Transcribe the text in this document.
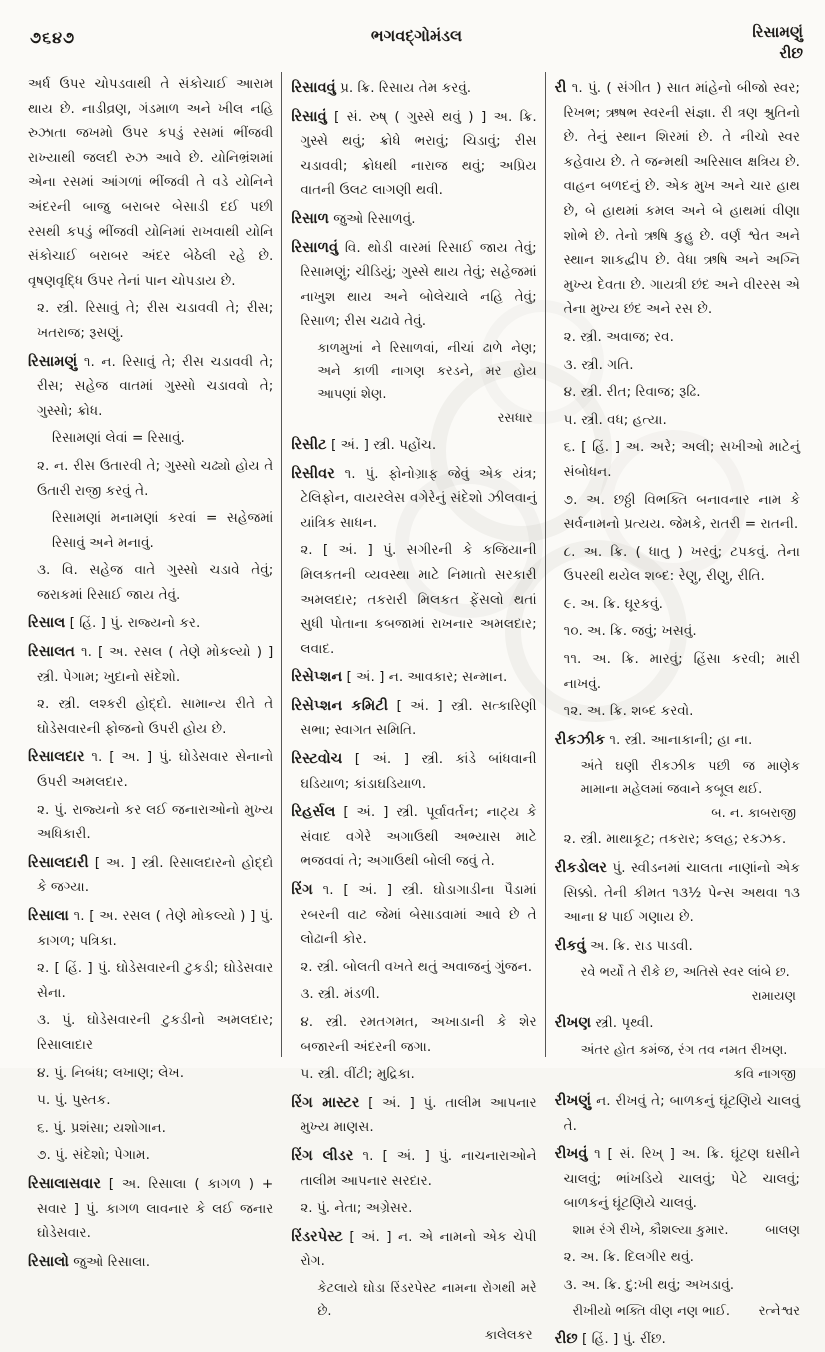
૭૬૪૭	ભગવદ્ગોમંડલ	રિસામણું
રીછ

અર્ધ ઉપર ચોપડવાથી તે સંકોચાઈ આરામ થાય છે. નાડીવ્રણ, ગંડમાળ અને ખીલ નહિ રુઝાતા જખમો ઉપર કપડું રસમાં ભીંજવી રાખ્યાથી જલદી રુઝ આવે છે. યોનિભ્રંશમાં એના રસમાં આંગળાં ભીંજવી તે વડે યોનિને અંદરની બાજુ બરાબર બેસાડી દઈ પછી રસથી કપડું ભીંજવી યોનિમાં રાખવાથી યોનિ સંકોચાઈ બરાબર અંદર બેઠેલી રહે છે. વૃષણવૃદ્ધિ ઉપર તેનાં પાન ચોપડાય છે.

૨. સ્ત્રી. રિસાવું તે; રીસ ચડાવવી તે; રીસ; ખતરાજ; રૂસણું.

રિસામણું ૧. ન. રિસાવું તે; રીસ ચડાવવી તે; રીસ; સહેજ વાતમાં ગુસ્સો ચડાવવો તે; ગુસ્સો; ક્રોધ.

રિસામણાં લેવાં = રિસાવું.

૨. ન. રીસ ઉતારવી તે; ગુસ્સો ચઢ્યો હોય તે ઉતારી રાજી કરવું તે.

રિસામણાં મનામણાં કરવાં = સહેજમાં રિસાવું અને મનાવું.

૩. વિ. સહેજ વાતે ગુસ્સો ચડાવે તેવું; જરાકમાં રિસાઈ જાય તેવું.

રિસાલ [ હિં. ] પું. રાજ્યનો કર.

રિસાલત ૧. [ અ. રસલ ( તેણે મોકલ્યો ) ] સ્ત્રી. પેગામ; ખુદાનો સંદેશો.

૨. સ્ત્રી. લશ્કરી હોદ્દો. સામાન્ય રીતે તે ઘોડેસવારની ફોજનો ઉપરી હોય છે.

રિસાલદાર ૧. [ અ. ] પું. ઘોડેસવાર સેનાનો ઉપરી અમલદાર.

૨. પું. રાજ્યનો કર લઈ જનારાઓનો મુખ્ય અધિકારી.

રિસાલદારી [ અ. ] સ્ત્રી. રિસાલદારનો હોદ્દો કે જગ્યા.

રિસાલા ૧. [ અ. રસલ ( તેણે મોકલ્યો ) ] પું. કાગળ; પત્રિકા.

૨. [ હિં. ] પું. ઘોડેસવારની ટુકડી; ઘોડેસવાર સેના.

૩. પું. ઘોડેસવારની ટુકડીનો અમલદાર; રિસાલાદાર

૪. પું. નિબંધ; લખાણ; લેખ.

૫. પું. પુસ્તક.

૬. પું. પ્રશંસા; યશોગાન.

૭. પું. સંદેશો; પેગામ.

રિસાલાસવાર [ અ. રિસાલા ( કાગળ ) + સવાર ] પું. કાગળ લાવનાર કે લઈ જનાર ઘોડેસવાર.

રિસાલો જુઓ રિસાલા.

રિસાવવું પ્ર. ક્રિ. રિસાય તેમ કરવું.

રિસાવું [ સં. રુષ્ ( ગુસ્સે થવું ) ] અ. ક્રિ. ગુસ્સે થવું; ક્રોધે ભરાવું; ચિડાવું; રીસ ચડાવવી; ક્રોધથી નારાજ થવું; અપ્રિય વાતની ઉલટ લાગણી થવી.

રિસાળ જુઓ રિસાળવું.

રિસાળવું વિ. થોડી વારમાં રિસાઈ જાય તેવું; રિસામણું; ચીડિયું; ગુસ્સે થાય તેવું; સહેજમાં નાખુશ થાય અને બોલેચાલે નહિ તેવું; રિસાળ; રીસ ચઢાવે તેવું.

કાળમુખાં ને રિસાળવાં, નીચાં ઢાળે નેણ; અને કાળી નાગણ કરડને, મર હોય આપણાં શેણ.

રસધાર

રિસીટ [ અં. ] સ્ત્રી. પહોંચ.

રિસીવર ૧. પું. ફોનોગ્રાફ જેવું એક યંત્ર; ટેલિફોન, વાયરલેસ વગેરેનું સંદેશો ઝીલવાનું યાંત્રિક સાધન.

૨. [ અં. ] પું. સગીરની કે કજિયાની મિલકતની વ્યવસ્થા માટે નિમાતો સરકારી અમલદાર; તકરારી મિલકત ફેંસલો થતાં સુધી પોતાના કબજામાં રાખનાર અમલદાર; લવાદ.

રિસેપ્શન [ અં. ] ન. આવકાર; સન્માન.

રિસેપ્શન કમિટી [ અં. ] સ્ત્રી. સત્કારિણી સભા; સ્વાગત સમિતિ.

રિસ્ટવોચ [ અં. ] સ્ત્રી. કાંડે બાંધવાની ઘડિયાળ; કાંડાઘડિયાળ.

રિહર્સલ [ અં. ] સ્ત્રી. પૂર્વાવર્તન; નાટ્ય કે સંવાદ વગેરે અગાઉથી અભ્યાસ માટે ભજવવાં તે; અગાઉથી બોલી જવું તે.

રિંગ ૧. [ અં. ] સ્ત્રી. ઘોડાગાડીના પૈડામાં રબરની વાટ જેમાં બેસાડવામાં આવે છે તે લોઢાની કોર.

૨. સ્ત્રી. બોલતી વખતે થતું અવાજનું ગુંજન.

૩. સ્ત્રી. મંડળી.

૪. સ્ત્રી. રમતગમત, અખાડાની કે શેર બજારની અંદરની જગા.

૫. સ્ત્રી. વીંટી; મુદ્રિકા.

રિંગ માસ્ટર [ અં. ] પું. તાલીમ આપનાર મુખ્ય માણસ.

રિંગ લીડર ૧. [ અં. ] પું. નાચનારાઓને તાલીમ આપનાર સરદાર.

૨. પું. નેતા; અગ્રેસર.

રિંડરપેસ્ટ [ અં. ] ન. એ નામનો એક ચેપી રોગ.

કેટલાયે ઘોડા રિંડરપેસ્ટ નામના રોગથી મરે છે.

કાલેલકર

રી ૧. પું. ( સંગીત ) સાત માંહેનો બીજો સ્વર; રિખભ; ઋષભ સ્વરની સંજ્ઞા. રી ત્રણ શ્રુતિનો છે. તેનું સ્થાન શિરમાં છે. તે નીચો સ્વર કહેવાય છે. તે જન્મથી અરિસાલ ક્ષત્રિય છે. વાહન બળદનું છે. એક મુખ અને ચાર હાથ છે, બે હાથમાં કમલ અને બે હાથમાં વીણા શોભે છે. તેનો ઋષિ કુહુ છે. વર્ણ શ્વેત અને સ્થાન શાકદ્વીપ છે. વેધા ઋષિ અને અગ્નિ મુખ્ય દેવતા છે. ગાયત્રી છંદ અને વીરરસ એ તેના મુખ્ય છંદ અને રસ છે.

૨. સ્ત્રી. અવાજ; રવ.

૩. સ્ત્રી. ગતિ.

૪. સ્ત્રી. રીત; રિવાજ; રૂઢિ.

૫. સ્ત્રી. વધ; હત્યા.

૬. [ હિં. ] અ. અરે; અલી; સખીઓ માટેનું સંબોધન.

૭. અ. છઠ્ઠી વિભક્તિ બનાવનાર નામ કે સર્વનામનો પ્રત્યય. જેમકે, રાતરી = રાતની.

૮. અ. ક્રિ. ( ધાતુ ) ખરવું; ટપકવું. તેના ઉપરથી થયેલ શબ્દ: રેણુ, રીણુ, રીતિ.

૯. અ. ક્રિ. ઘૂરકવું.

૧૦. અ. ક્રિ. જવું; ખસવું.

૧૧. અ. ક્રિ. મારવું; હિંસા કરવી; મારી નાખવું.

૧૨. અ. ક્રિ. શબ્દ કરવો.

રીકઝીક ૧. સ્ત્રી. આનાકાની; હા ના.

અંતે ઘણી રીકઝીક પછી જ માણેક મામાના મહેલમાં જવાને કબૂલ થઈ.

બ. ન. કાબરાજી

૨. સ્ત્રી. માથાકૂટ; તકરાર; કલહ; રકઝક.

રીકડોલર પું. સ્વીડનમાં ચાલતા નાણાંનો એક સિક્કો. તેની કીમત ૧૩½ પેન્સ અથવા ૧૩ આના ૪ પાઈ ગણાય છે.

રીકવું અ. ક્રિ. રાડ પાડવી.

રવે ભર્યો તે રીકે છ, અતિસે સ્વર લાંબે છ.

રામાયણ

રીખણ સ્ત્રી. પૃથ્વી.

અંતર હોત કમંજ, રંગ તવ નમત રીખણ.

કવિ નાગજી

રીખણું ન. રીખવું તે; બાળકનું ઘૂંટણિયે ચાલવું તે.

રીખવું ૧ [ સં. રિખ્ ] અ. ક્રિ. ઘૂંટણ ઘસીને ચાલવું; ભાંખડિયે ચાલવું; પેટે ચાલવું; બાળકનું ઘૂંટણિયે ચાલવું.

શામ રંગે રીખે, કૌશલ્યા કુમાર.	બાલણ

૨. અ. ક્રિ. દિલગીર થવું.

૩. અ. ક્રિ. દુ:ખી થવું; અખડાવું.

રીખીયો ભક્તિ વીણ નણ ભાઈ. રત્નેશ્વર

રીછ [ હિં. ] પું. રીંછ.
